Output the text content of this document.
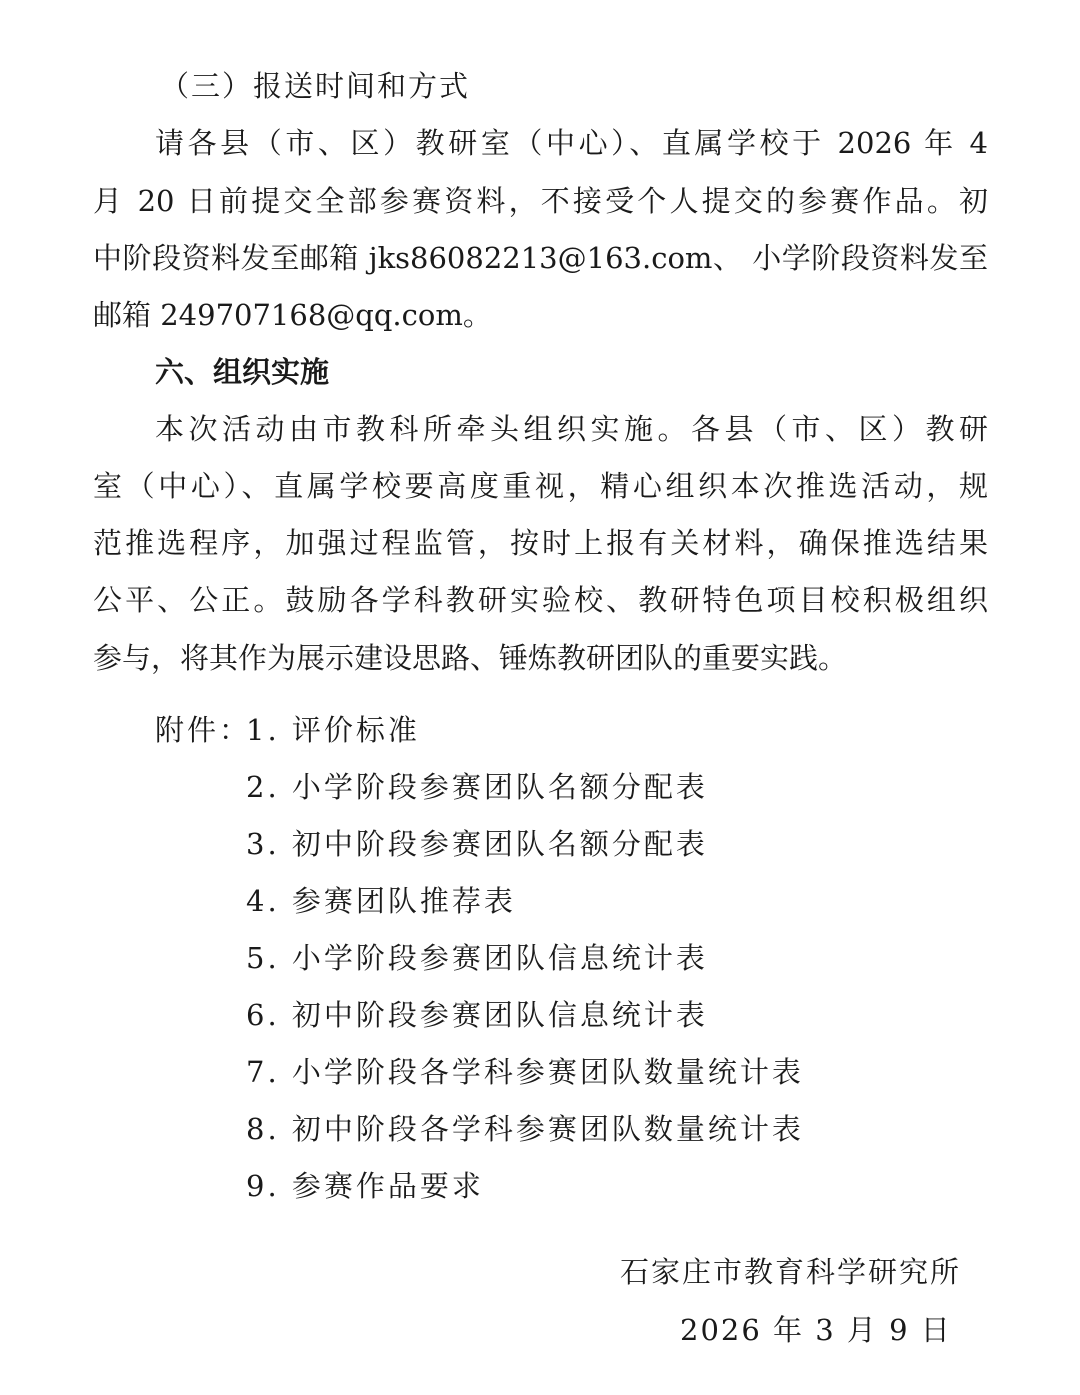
（三）报送时间和方式
请各县（市、区）教研室（中心）、直属学校于 2026 年 4
月 20 日前提交全部参赛资料，不接受个人提交的参赛作品。初
中阶段资料发至邮箱 jks86082213@163.com、 小学阶段资料发至
邮箱 249707168@qq.com。
六、组织实施
本次活动由市教科所牵头组织实施。各县（市、区）教研
室（中心）、直属学校要高度重视，精心组织本次推选活动，规
范推选程序，加强过程监管，按时上报有关材料，确保推选结果
公平、公正。鼓励各学科教研实验校、教研特色项目校积极组织
参与，将其作为展示建设思路、锤炼教研团队的重要实践。
附件：
1. 评价标准
2. 小学阶段参赛团队名额分配表
3. 初中阶段参赛团队名额分配表
4. 参赛团队推荐表
5. 小学阶段参赛团队信息统计表
6. 初中阶段参赛团队信息统计表
7. 小学阶段各学科参赛团队数量统计表
8. 初中阶段各学科参赛团队数量统计表
9. 参赛作品要求
石家庄市教育科学研究所
2026 年 3 月 9 日
